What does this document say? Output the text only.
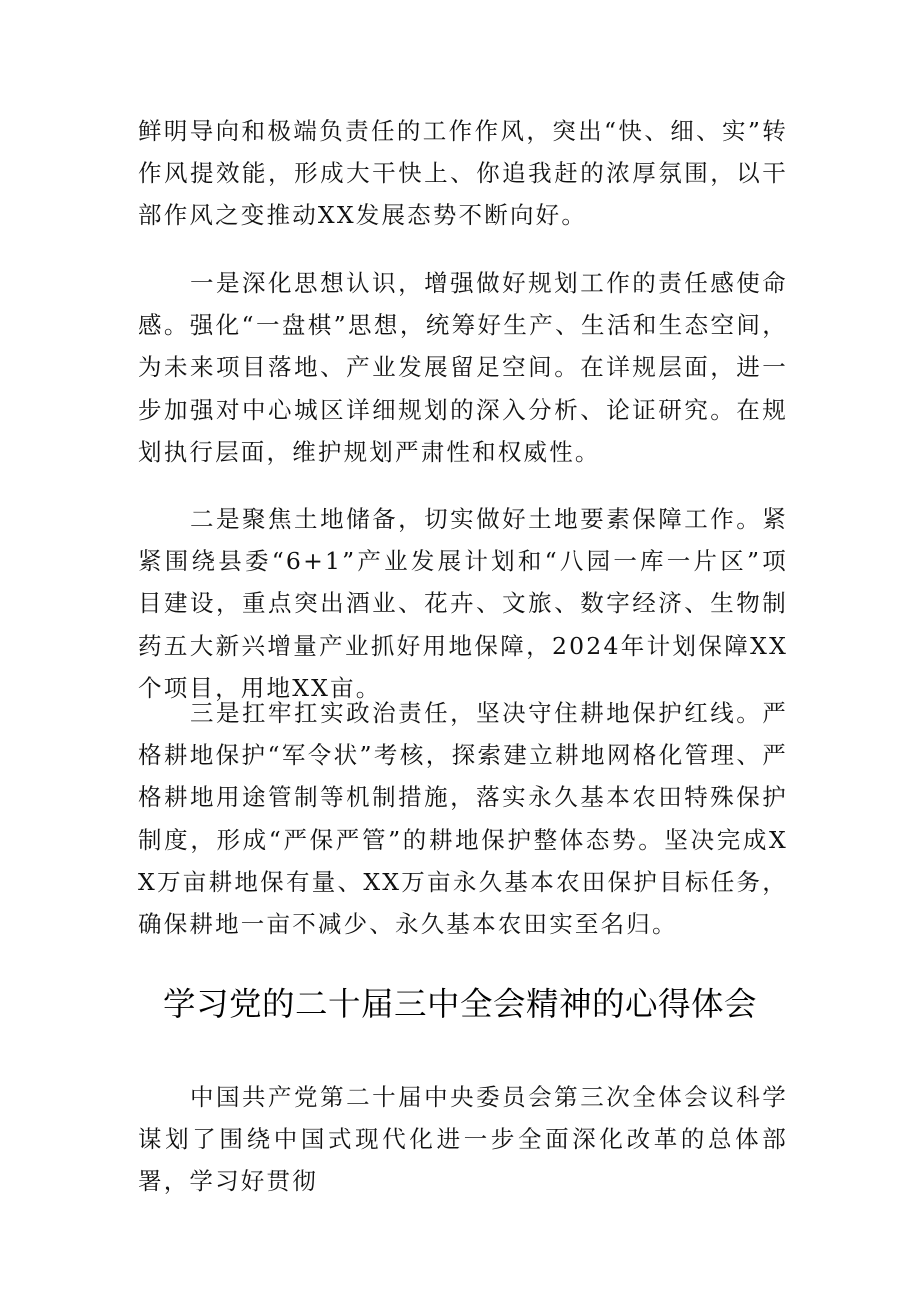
鲜明导向和极端负责任的工作作风，突出“快、细、实”转作风提效能，形成大干快上、你追我赶的浓厚氛围，以干部作风之变推动XX发展态势不断向好。

一是深化思想认识，增强做好规划工作的责任感使命感。强化“一盘棋”思想，统筹好生产、生活和生态空间，为未来项目落地、产业发展留足空间。在详规层面，进一步加强对中心城区详细规划的深入分析、论证研究。在规划执行层面，维护规划严肃性和权威性。

二是聚焦土地储备，切实做好土地要素保障工作。紧紧围绕县委“6+1”产业发展计划和“八园一库一片区”项目建设，重点突出酒业、花卉、文旅、数字经济、生物制药五大新兴增量产业抓好用地保障，2024年计划保障XX个项目，用地XX亩。

三是扛牢扛实政治责任，坚决守住耕地保护红线。严格耕地保护“军令状”考核，探索建立耕地网格化管理、严格耕地用途管制等机制措施，落实永久基本农田特殊保护制度，形成“严保严管”的耕地保护整体态势。坚决完成XX万亩耕地保有量、XX万亩永久基本农田保护目标任务，确保耕地一亩不减少、永久基本农田实至名归。

学习党的二十届三中全会精神的心得体会

中国共产党第二十届中央委员会第三次全体会议科学谋划了围绕中国式现代化进一步全面深化改革的总体部署，学习好贯彻
